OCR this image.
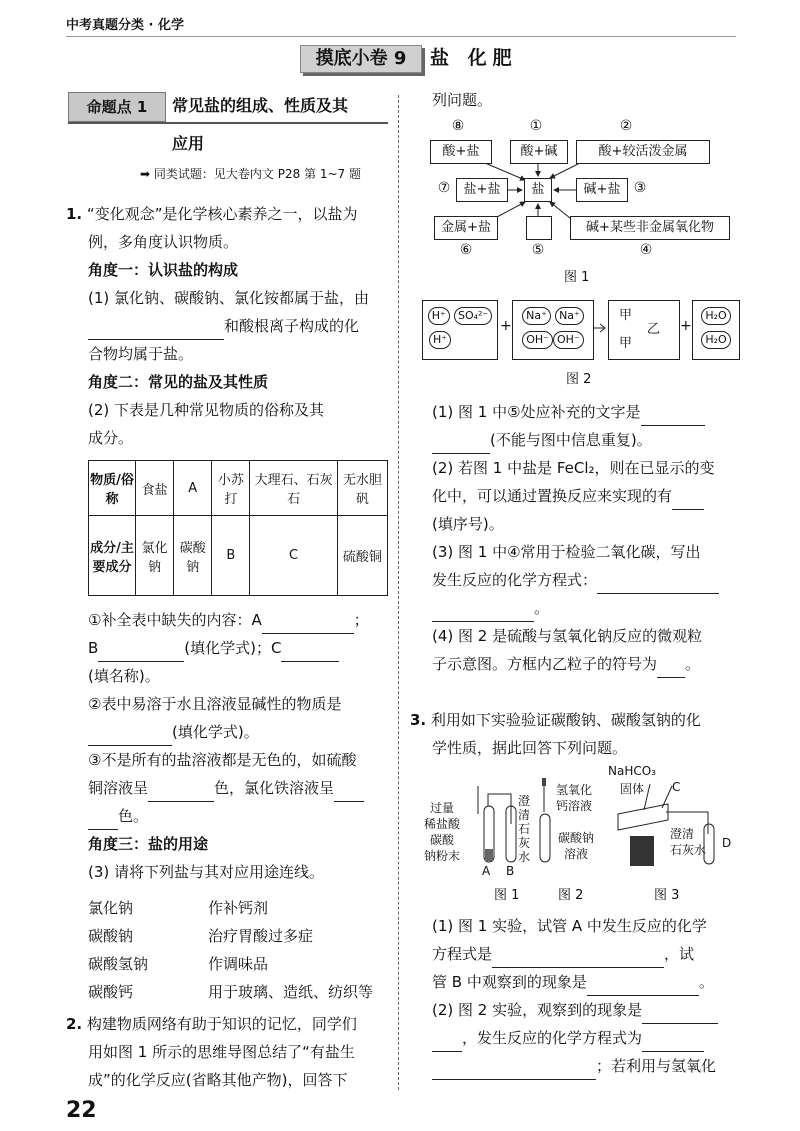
中考真题分类 · 化学
摸底小卷 9	盐 化肥
命题点 1	常见盐的组成、性质及其
应用
➡ 同类试题：见大卷内文 P28 第 1~7 题
1. “变化观念”是化学核心素养之一，以盐为
例，多角度认识物质。
角度一：认识盐的构成
(1) 氯化钠、碳酸钠、氯化铵都属于盐，由
和酸根离子构成的化
合物均属于盐。
角度二：常见的盐及其性质
(2) 下表是几种常见物质的俗称及其
成分。
物质/俗称	食盐	A	小苏打	大理石、石灰石	无水胆矾
成分/主要成分	氯化钠	碳酸钠	B	C	硫酸铜
①补全表中缺失的内容：A	；
B	(填化学式)；C
(填名称)。
②表中易溶于水且溶液显碱性的物质是
(填化学式)。
③不是所有的盐溶液都是无色的，如硫酸
铜溶液呈	色，氯化铁溶液呈
色。
角度三：盐的用途
(3) 请将下列盐与其对应用途连线。
氯化钠
碳酸钠
碳酸氢钠
碳酸钙
作补钙剂
治疗胃酸过多症
作调味品
用于玻璃、造纸、纺织等
2. 构建物质网络有助于知识的记忆，同学们
用如图 1 所示的思维导图总结了“有盐生
成”的化学反应(省略其他产物)，回答下
列问题。
⑧	①	②
酸+盐	酸+碱	酸+较活泼金属
⑦	盐+盐	盐	碱+盐 ③
金属+盐	碱+某些非金属氧化物
⑥	⑤	④
图 1
H⁺ SO₄²⁻
H⁺
+
Na⁺ Na⁺
OH⁻ OH⁻
甲
乙
甲
+
H₂O
H₂O
图 2
(1) 图 1 中⑤处应补充的文字是
(不能与图中信息重复)。
(2) 若图 1 中盐是 FeCl₂，则在已显示的变
化中，可以通过置换反应来实现的有
(填序号)。
(3) 图 1 中④常用于检验二氧化碳，写出
发生反应的化学方程式：
。
(4) 图 2 是硫酸与氢氧化钠反应的微观粒
子示意图。方框内乙粒子的符号为 。
3. 利用如下实验验证碳酸钠、碳酸氢钠的化
学性质，据此回答下列问题。
过量
稀盐酸
碳酸
钠粉末
澄
清
石
灰
水
A B
氢氧化
钙溶液
碳酸钠
溶液
NaHCO₃
固体 C
澄清
石灰水 D
图 1	图 2	图 3
(1) 图 1 实验，试管 A 中发生反应的化学
方程式是	，试
管 B 中观察到的现象是	。
(2) 图 2 实验，观察到的现象是
，发生反应的化学方程式为
；若利用与氢氧化
22
